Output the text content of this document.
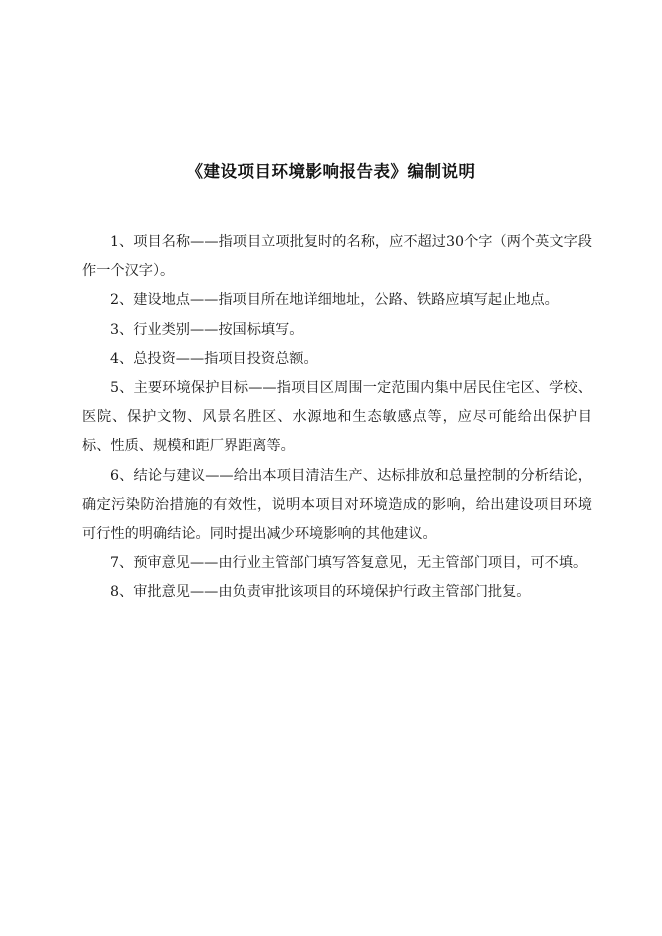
《建设项目环境影响报告表》编制说明

1、项目名称——指项目立项批复时的名称，应不超过30个字（两个英文字段作一个汉字）。

2、建设地点——指项目所在地详细地址，公路、铁路应填写起止地点。

3、行业类别——按国标填写。

4、总投资——指项目投资总额。

5、主要环境保护目标——指项目区周围一定范围内集中居民住宅区、学校、医院、保护文物、风景名胜区、水源地和生态敏感点等，应尽可能给出保护目标、性质、规模和距厂界距离等。

6、结论与建议——给出本项目清洁生产、达标排放和总量控制的分析结论，确定污染防治措施的有效性，说明本项目对环境造成的影响，给出建设项目环境可行性的明确结论。同时提出减少环境影响的其他建议。

7、预审意见——由行业主管部门填写答复意见，无主管部门项目，可不填。

8、审批意见——由负责审批该项目的环境保护行政主管部门批复。
